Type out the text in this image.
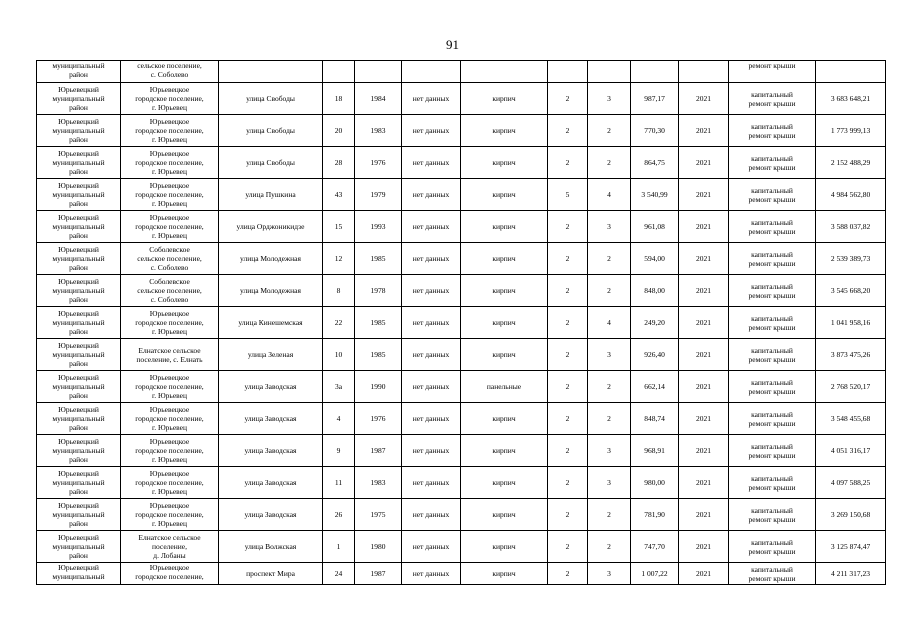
91
муниципальный
район	сельское поселение,
с. Соболево										ремонт крыши	
Юрьевецкий
муниципальный
район	Юрьевецкое
городское поселение,
г. Юрьевец	улица Свободы	18	1984	нет данных	кирпич	2	3	987,17	2021	капитальный
ремонт крыши	3 683 648,21
Юрьевецкий
муниципальный
район	Юрьевецкое
городское поселение,
г. Юрьевец	улица Свободы	20	1983	нет данных	кирпич	2	2	770,30	2021	капитальный
ремонт крыши	1 773 999,13
Юрьевецкий
муниципальный
район	Юрьевецкое
городское поселение,
г. Юрьевец	улица Свободы	28	1976	нет данных	кирпич	2	2	864,75	2021	капитальный
ремонт крыши	2 152 488,29
Юрьевецкий
муниципальный
район	Юрьевецкое
городское поселение,
г. Юрьевец	улица Пушкина	43	1979	нет данных	кирпич	5	4	3 540,99	2021	капитальный
ремонт крыши	4 984 562,80
Юрьевецкий
муниципальный
район	Юрьевецкое
городское поселение,
г. Юрьевец	улица Орджоникидзе	15	1993	нет данных	кирпич	2	3	961,08	2021	капитальный
ремонт крыши	3 588 037,82
Юрьевецкий
муниципальный
район	Соболевское
сельское поселение,
с. Соболево	улица Молодежная	12	1985	нет данных	кирпич	2	2	594,00	2021	капитальный
ремонт крыши	2 539 389,73
Юрьевецкий
муниципальный
район	Соболевское
сельское поселение,
с. Соболево	улица Молодежная	8	1978	нет данных	кирпич	2	2	848,00	2021	капитальный
ремонт крыши	3 545 668,20
Юрьевецкий
муниципальный
район	Юрьевецкое
городское поселение,
г. Юрьевец	улица Кинешемская	22	1985	нет данных	кирпич	2	4	249,20	2021	капитальный
ремонт крыши	1 041 958,16
Юрьевецкий
муниципальный
район	Елнатское сельское
поселение, с. Елнать	улица Зеленая	10	1985	нет данных	кирпич	2	3	926,40	2021	капитальный
ремонт крыши	3 873 475,26
Юрьевецкий
муниципальный
район	Юрьевецкое
городское поселение,
г. Юрьевец	улица Заводская	3а	1990	нет данных	панельные	2	2	662,14	2021	капитальный
ремонт крыши	2 768 520,17
Юрьевецкий
муниципальный
район	Юрьевецкое
городское поселение,
г. Юрьевец	улица Заводская	4	1976	нет данных	кирпич	2	2	848,74	2021	капитальный
ремонт крыши	3 548 455,68
Юрьевецкий
муниципальный
район	Юрьевецкое
городское поселение,
г. Юрьевец	улица Заводская	9	1987	нет данных	кирпич	2	3	968,91	2021	капитальный
ремонт крыши	4 051 316,17
Юрьевецкий
муниципальный
район	Юрьевецкое
городское поселение,
г. Юрьевец	улица Заводская	11	1983	нет данных	кирпич	2	3	980,00	2021	капитальный
ремонт крыши	4 097 588,25
Юрьевецкий
муниципальный
район	Юрьевецкое
городское поселение,
г. Юрьевец	улица Заводская	26	1975	нет данных	кирпич	2	2	781,90	2021	капитальный
ремонт крыши	3 269 150,68
Юрьевецкий
муниципальный
район	Елнатское сельское
поселение,
д. Лобаны	улица Волжская	1	1980	нет данных	кирпич	2	2	747,70	2021	капитальный
ремонт крыши	3 125 874,47
Юрьевецкий
муниципальный	Юрьевецкое
городское поселение,	проспект Мира	24	1987	нет данных	кирпич	2	3	1 007,22	2021	капитальный
ремонт крыши	4 211 317,23
